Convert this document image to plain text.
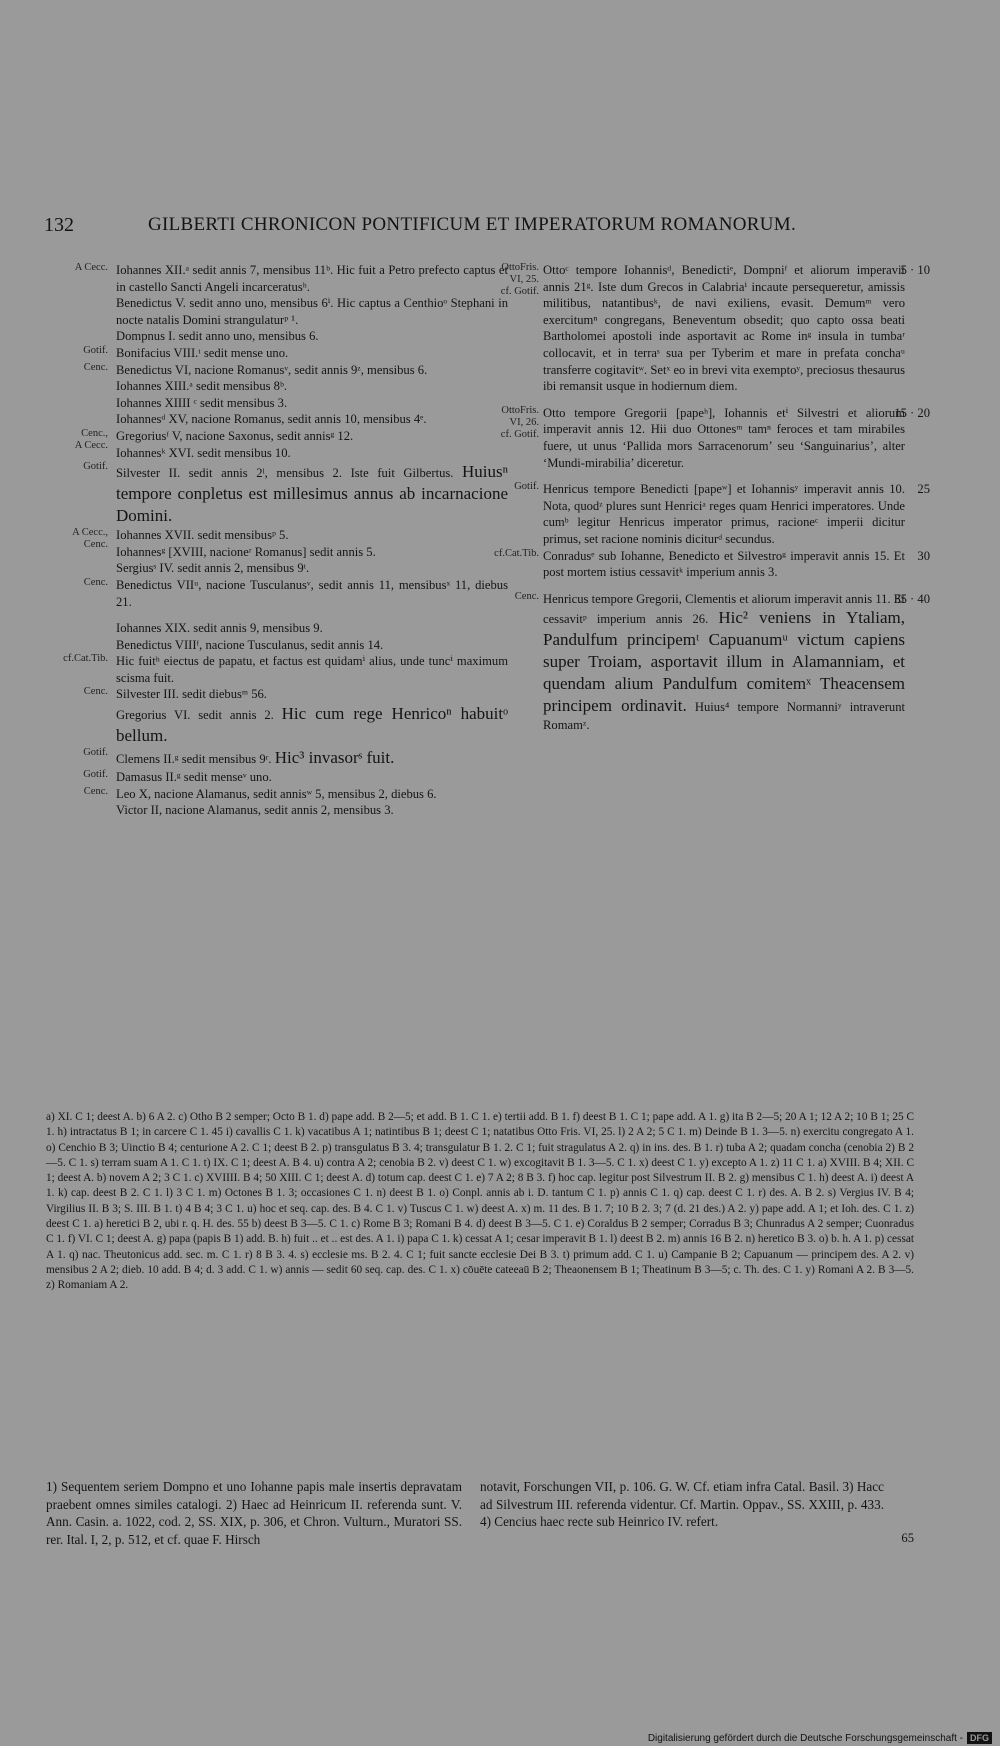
132	GILBERTI CHRONICON PONTIFICUM ET IMPERATORUM ROMANORUM.
A Cecc. Iohannes XII.ᵃ sedit annis 7, mensibus 11ᵇ. Hic fuit a Petro prefecto captus et in castello Sancti Angeli incarceratusʰ.
Benedictus V. sedit anno uno, mensibus 6ⁱ. Hic captus a Centhioᵒ Stephani in nocte natalis Domini strangulaturᵖ ¹.
Dompnus I. sedit anno uno, mensibus 6.
Gotif. Bonifacius VIII.ᵗ sedit mense uno.
Cenc. Benedictus VI, nacione Romanusᵛ, sedit annis 9ᶻ, mensibus 6.
Iohannes XIII.ᵃ sedit mensibus 8ᵇ.
Iohannes XIIII ᶜ sedit mensibus 3.
Iohannesᵈ XV, nacione Romanus, sedit annis 10, mensibus 4ᵉ.
Cenc.,
A Cecc.
Gregoriusᶠ V, nacione Saxonus, sedit annisᵍ 12.
Iohannesᵏ XVI. sedit mensibus 10.
Gotif. Silvester II. sedit annis 2ˡ, mensibus 2. Iste fuit Gilbertus. Huiusⁿ tempore conpletus est millesimus annus ab incarnacione Domini.
A Cecc.,
Cenc.
Iohannes XVII. sedit mensibusᵖ 5.
Iohannesᵍ [XVIII, nacioneʳ Romanus] sedit annis 5.
Sergiusˢ IV. sedit annis 2, mensibus 9ᵗ.
Cenc. Benedictus VIIᵘ, nacione Tusculanusᵛ, sedit annis 11, mensibusˣ 11, diebus 21.
Iohannes XIX. sedit annis 9, mensibus 9.
Benedictus VIIIᶠ, nacione Tusculanus, sedit annis 14.
cf.Cat.Tib. Hic fuitʰ eiectus de papatu, et factus est quidamⁱ alius, unde tuncⁱ maximum scisma fuit.
Cenc. Silvester III. sedit diebusᵐ 56.
Gregorius VI. sedit annis 2. Hic cum rege Henricoⁿ habuitᵒ bellum.
Gotif. Clemens II.ᵍ sedit mensibus 9ʳ. Hic³ invasorˢ fuit.
Gotif. Damasus II.ᵍ sedit menseᵛ uno.
Cenc. Leo X, nacione Alamanus, sedit annisʷ 5, mensibus 2, diebus 6.
Victor II, nacione Alamanus, sedit annis 2, mensibus 3.
OttoFris.
VI, 25.
cf. Gotif.
Ottoᶜ tempore Iohannisᵈ, Benedictiᵉ, Dompniᶠ et aliorum imperavit annis 21ᵍ. Iste dum Grecos in Calabriaⁱ incaute persequeretur, amissis militibus, natantibusᵏ, de navi exiliens, evasit. Demumᵐ vero exercitumⁿ congregans, Beneventum obsedit; quo capto ossa beati Bartholomei apostoli inde asportavit ac Rome inᵍ insula in tumbaʳ collocavit, et in terraˢ sua per Tyberim et mare in prefata conchaᵘ transferre cogitavitʷ. Setˣ eo in brevi vita exemptoʸ, preciosus thesaurus ibi remansit usque in hodiernum diem.
5 · 10
OttoFris.
VI, 26.
cf. Gotif.
Otto tempore Gregorii [papeʰ], Iohannis etⁱ Silvestri et aliorum imperavit annis 12. Hii duo Ottonesᵐ tamⁿ feroces et tam mirabiles fuere, ut unus ‘Pallida mors Sarracenorum’ seu ‘Sanguinarius’, alter ‘Mundi-mirabilia’ diceretur.
15 · 20
Gotif. Henricus tempore Benedicti [papeʷ] et Iohannisʸ imperavit annis 10. Nota, quodᶻ plures sunt Henriciᵃ reges quam Henrici imperatores. Unde cumᵇ legitur Henricus imperator primus, racioneᶜ imperii dicitur primus, set racione nominis diciturᵈ secundus.
25
cf.Cat.Tib. Conradusᵉ sub Iohanne, Benedicto et Silvestroᵍ imperavit annis 15. Et post mortem istius cessavitᵏ imperium annis 3.
30
Cenc. Henricus tempore Gregorii, Clementis et aliorum imperavit annis 11. Et cessavitᵖ imperium annis 26. Hic² veniens in Ytaliam, Pandulfum principemᵗ Capuanumᵘ victum capiens super Troiam, asportavit illum in Alamanniam, et quendam alium Pandulfum comitemˣ Theacensem principem ordinavit. Huius⁴ tempore Normanniʸ intraverunt Romamᶻ.
35 · 40

a) XI. C 1; deest A. b) 6 A 2. c) Otho B 2 semper; Octo B 1. d) pape add. B 2—5; et add. B 1. C 1. e) tertii add. B 1. f) deest B 1. C 1; pape add. A 1. g) ita B 2—5; 20 A 1; 12 A 2; 10 B 1; 25 C 1. h) intractatus B 1; in carcere C 1. 45 i) cavallis C 1. k) vacatibus A 1; natintibus B 1; deest C 1; natatibus Otto Fris. VI, 25. l) 2 A 2; 5 C 1. m) Deinde B 1. 3—5. n) exercitu congregato A 1. o) Cenchio B 3; Uinctio B 4; centurione A 2. C 1; deest B 2. p) transgulatus B 3. 4; transgulatur B 1. 2. C 1; fuit stragulatus A 2. q) in ins. des. B 1. r) tuba A 2; quadam concha (cenobia 2) B 2—5. C 1. s) terram suam A 1. C 1. t) IX. C 1; deest A. B 4. u) contra A 2; cenobia B 2. v) deest C 1. w) excogitavit B 1. 3—5. C 1. x) deest C 1. y) excepto A 1. z) 11 C 1. a) XVIII. B 4; XII. C 1; deest A. b) novem A 2; 3 C 1. c) XVIIII. B 4; 50 XIII. C 1; deest A. d) totum cap. deest C 1. e) 7 A 2; 8 B 3. f) hoc cap. legitur post Silvestrum II. B 2. g) mensibus C 1. h) deest A. i) deest A 1. k) cap. deest B 2. C 1. l) 3 C 1. m) Octones B 1. 3; occasiones C 1. n) deest B 1. o) Conpl. annis ab i. D. tantum C 1. p) annis C 1. q) cap. deest C 1. r) des. A. B 2. s) Vergius IV. B 4; Virgilius II. B 3; S. III. B 1. t) 4 B 4; 3 C 1. u) hoc et seq. cap. des. B 4. C 1. v) Tuscus C 1. w) deest A. x) m. 11 des. B 1. 7; 10 B 2. 3; 7 (d. 21 des.) A 2. y) pape add. A 1; et Ioh. des. C 1. z) deest C 1. a) heretici B 2, ubi r. q. H. des. 55 b) deest B 3—5. C 1. c) Rome B 3; Romani B 4. d) deest B 3—5. C 1. e) Coraldus B 2 semper; Corradus B 3; Chunradus A 2 semper; Cuonradus C 1. f) VI. C 1; deest A. g) papa (papis B 1) add. B. h) fuit .. et .. est des. A 1. i) papa C 1. k) cessat A 1; cesar imperavit B 1. l) deest B 2. m) annis 16 B 2. n) heretico B 3. o) b. h. A 1. p) cessat A 1. q) nac. Theutonicus add. sec. m. C 1. r) 8 B 3. 4. s) ecclesie ms. B 2. 4. C 1; fuit sancte ecclesie Dei B 3. t) primum add. C 1. u) Campanie B 2; Capuanum — principem des. A 2. v) mensibus 2 A 2; dieb. 10 add. B 4; d. 3 add. C 1. w) annis — sedit 60 seq. cap. des. C 1. x) cōuēte cateeaū B 2; Theaonensem B 1; Theatinum B 3—5; c. Th. des. C 1. y) Romani A 2. B 3—5. z) Romaniam A 2.

1) Sequentem seriem Dompno et uno Iohanne papis male insertis depravatam praebent omnes similes catalogi. 2) Haec ad Heinricum II. referenda sunt. V. Ann. Casin. a. 1022, cod. 2, SS. XIX, p. 306, et Chron. Vulturn., Muratori SS. rer. Ital. I, 2, p. 512, et cf. quae F. Hirsch
notavit, Forschungen VII, p. 106. G. W. Cf. etiam infra Catal. Basil. 3) Hacc ad Silvestrum III. referenda videntur. Cf. Martin. Oppav., SS. XXIII, p. 433. 4) Cencius haec recte sub Heinrico IV. refert.
65
Digitalisierung gefördert durch die Deutsche Forschungsgemeinschaft - DFG
